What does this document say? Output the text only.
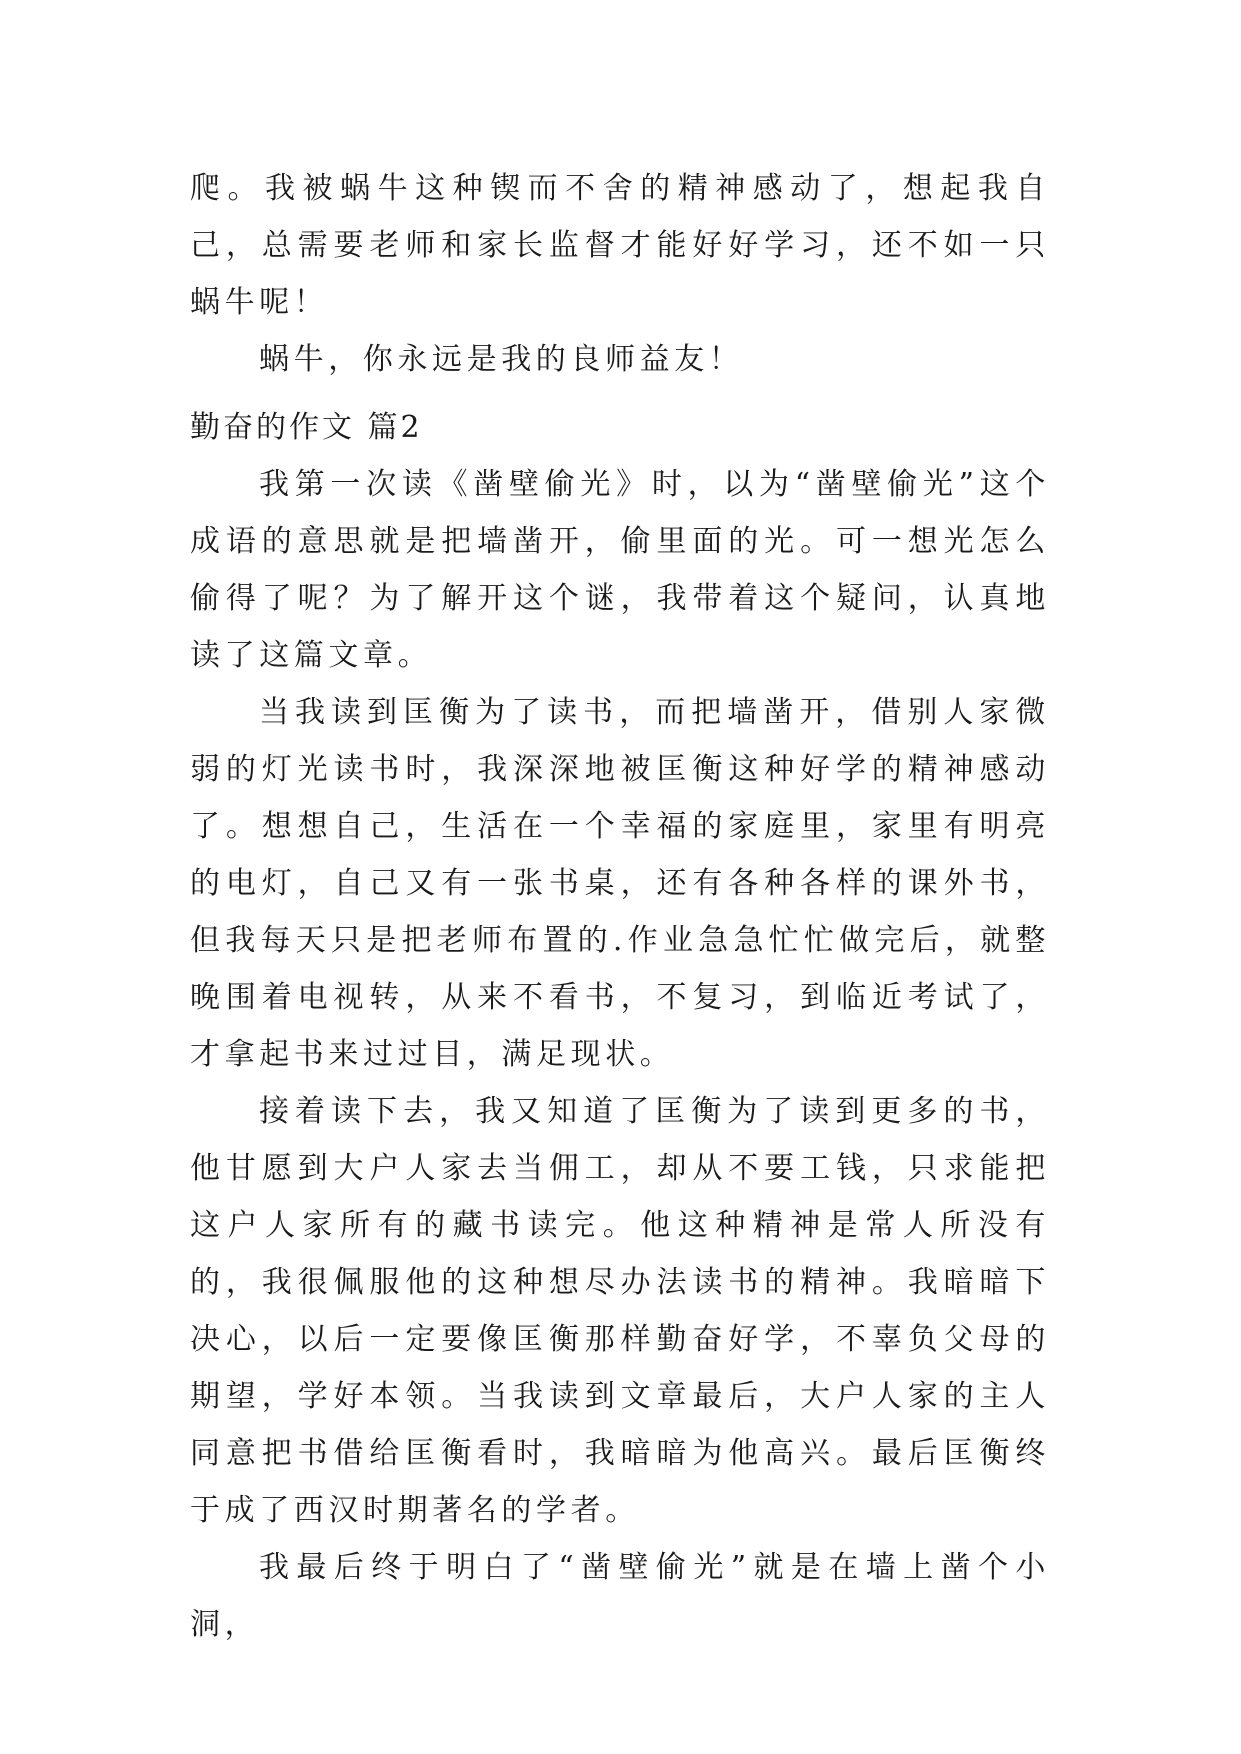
爬。我被蜗牛这种锲而不舍的精神感动了，想起我自己，总需要老师和家长监督才能好好学习，还不如一只蜗牛呢！

蜗牛，你永远是我的良师益友！

勤奋的作文 篇2

我第一次读《凿壁偷光》时，以为“凿壁偷光”这个成语的意思就是把墙凿开，偷里面的光。可一想光怎么偷得了呢？为了解开这个谜，我带着这个疑问，认真地读了这篇文章。

当我读到匡衡为了读书，而把墙凿开，借别人家微弱的灯光读书时，我深深地被匡衡这种好学的精神感动了。想想自己，生活在一个幸福的家庭里，家里有明亮的电灯，自己又有一张书桌，还有各种各样的课外书，但我每天只是把老师布置的.作业急急忙忙做完后，就整晚围着电视转，从来不看书，不复习，到临近考试了，才拿起书来过过目，满足现状。

接着读下去，我又知道了匡衡为了读到更多的书，他甘愿到大户人家去当佣工，却从不要工钱，只求能把这户人家所有的藏书读完。他这种精神是常人所没有的，我很佩服他的这种想尽办法读书的精神。我暗暗下决心，以后一定要像匡衡那样勤奋好学，不辜负父母的期望，学好本领。当我读到文章最后，大户人家的主人同意把书借给匡衡看时，我暗暗为他高兴。最后匡衡终于成了西汉时期著名的学者。

我最后终于明白了“凿壁偷光”就是在墙上凿个小洞，
